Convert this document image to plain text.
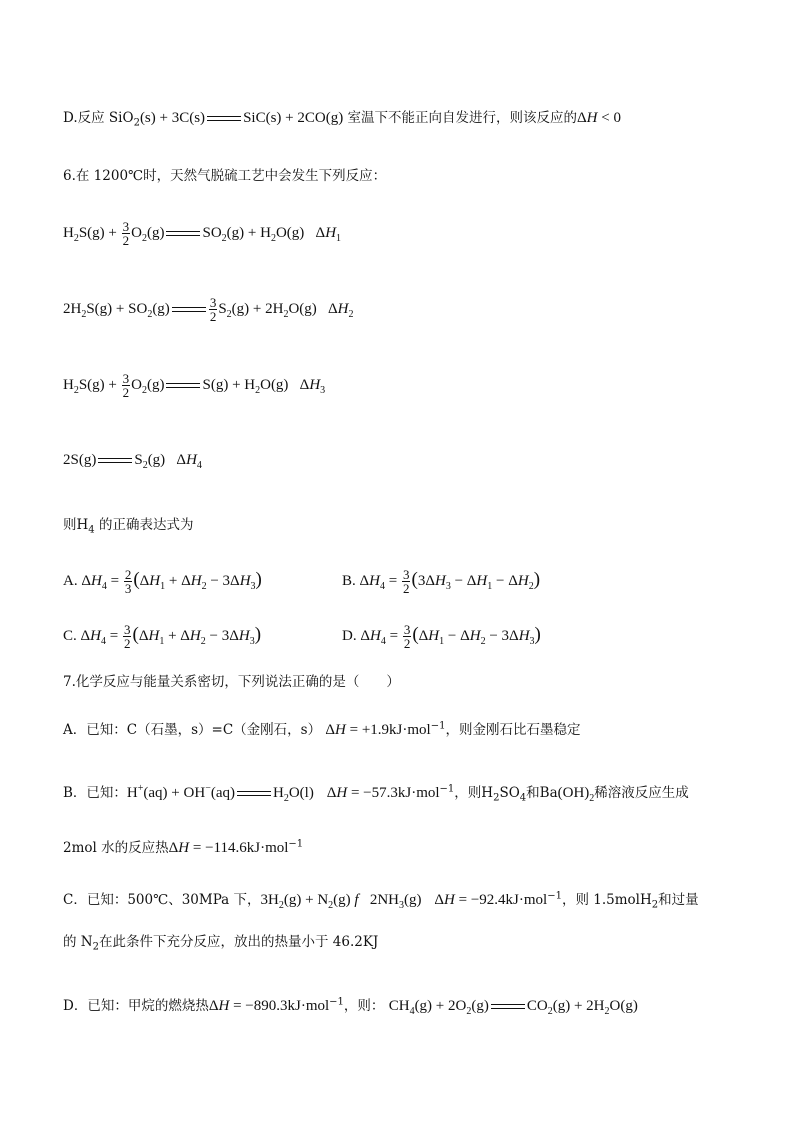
D.反应 SiO$_2$(s) + 3C(s)	SiC(s) + 2CO(g) 室温下不能正向自发进行，则该反应的ΔH < 0
6.在 1200℃时，天然气脱硫工艺中会发生下列反应：
$H_2S(g) + \frac{3}{2} O_2(g)$	$SO_2(g) + H_2O(g)$   $\Delta H_1$
$2H_2S(g) + SO_2(g)$	$\frac{3}{2} S_2(g) + 2H_2O(g)$   $\Delta H_2$
$H_2S(g) + \frac{3}{2} O_2(g)$	$S(g) + H_2O(g)$   $\Delta H_3$
2S(g)	$S_2(g)$   $\Delta H_4$
则$H_4$ 的正确表达式为
A. $\Delta H_4 = \frac{2}{3} (\Delta H_1 + \Delta H_2 - 3\Delta H_3)$	B. $\Delta H_4 = \frac{3}{2} (3\Delta H_3 - \Delta H_1 - \Delta H_2)$
C. $\Delta H_4 = \frac{3}{2} (\Delta H_1 + \Delta H_2 - 3\Delta H_3)$	D. $\Delta H_4 = \frac{3}{2} (\Delta H_1 - \Delta H_2 - 3\Delta H_3)$
7.化学反应与能量关系密切，下列说法正确的是（　　）
A．已知：C（石墨，s）=C（金刚石，s） ΔH = +1.9kJ·mol$^{-1}$，则金刚石比石墨稳定
B．已知：H+(aq) + OH−(aq)	$H_2O(l) \Delta H = -57.3kJ\cdot mol^{-1}$，则$H_2SO_4$和$Ba(OH)_2$稀溶液反应生成
2mol 水的反应热ΔH = −114.6kJ·mol$^{-1}$
C．已知：500℃、30MPa 下，$3H_2(g) + N_2(g)$ f   $2NH_3(g) \Delta H = -92.4kJ\cdot mol^{-1}$，则 1.5molH$_2$和过量
的 $N_2$在此条件下充分反应，放出的热量小于 46.2KJ
D．已知：甲烷的燃烧热ΔH = −890.3kJ·mol$^{-1}$，则： $CH_4(g) + 2O_2(g)$	$CO_2(g) + 2H_2O(g)$
